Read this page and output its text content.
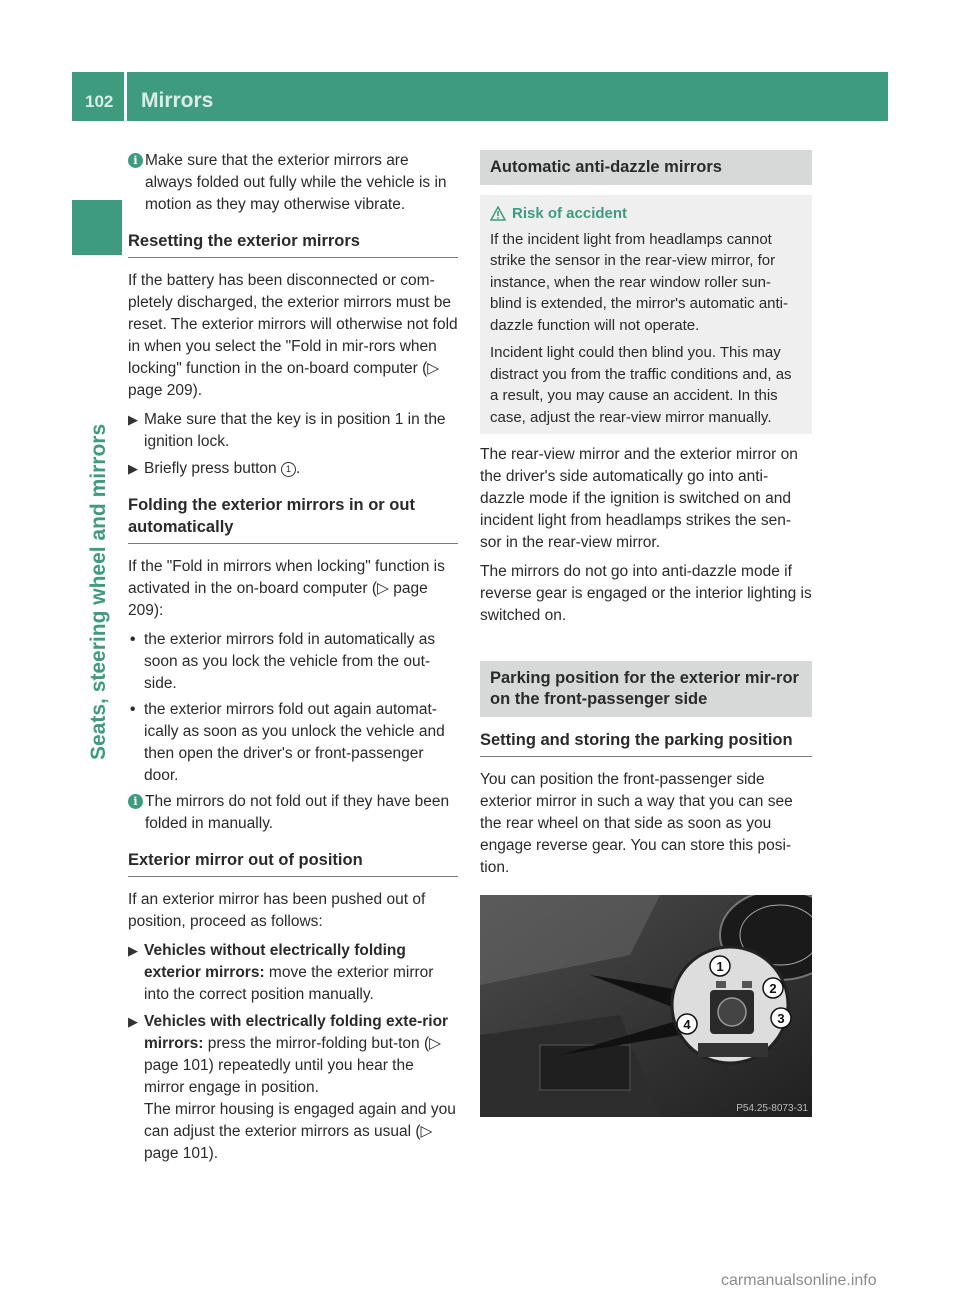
102 Mirrors
Seats, steering wheel and mirrors
i Make sure that the exterior mirrors are always folded out fully while the vehicle is in motion as they may otherwise vibrate.
Resetting the exterior mirrors

If the battery has been disconnected or com-pletely discharged, the exterior mirrors must be reset. The exterior mirrors will otherwise not fold in when you select the "Fold in mir-rors when locking" function in the on-board computer (▷ page 209).

▶ Make sure that the key is in position 1 in the ignition lock.
▶ Briefly press button 1 .
Folding the exterior mirrors in or out automatically

If the "Fold in mirrors when locking" function is activated in the on-board computer (▷ page 209):

• the exterior mirrors fold in automatically as soon as you lock the vehicle from the out-side.
• the exterior mirrors fold out again automat-ically as soon as you unlock the vehicle and then open the driver's or front-passenger door.
i The mirrors do not fold out if they have been folded in manually.
Exterior mirror out of position

If an exterior mirror has been pushed out of position, proceed as follows:

▶ Vehicles without electrically folding exterior mirrors: move the exterior mirror into the correct position manually.
▶ Vehicles with electrically folding exte-rior mirrors: press the mirror-folding but-ton (▷ page 101) repeatedly until you hear the mirror engage in position.
The mirror housing is engaged again and you can adjust the exterior mirrors as usual (▷ page 101).
Automatic anti-dazzle mirrors
Risk of accident

If the incident light from headlamps cannot strike the sensor in the rear-view mirror, for instance, when the rear window roller sun-blind is extended, the mirror's automatic anti-dazzle function will not operate.

Incident light could then blind you. This may distract you from the traffic conditions and, as a result, you may cause an accident. In this case, adjust the rear-view mirror manually.

The rear-view mirror and the exterior mirror on the driver's side automatically go into anti-dazzle mode if the ignition is switched on and incident light from headlamps strikes the sen-sor in the rear-view mirror.

The mirrors do not go into anti-dazzle mode if reverse gear is engaged or the interior lighting is switched on.

Parking position for the exterior mir-ror on the front-passenger side
Setting and storing the parking position

You can position the front-passenger side exterior mirror in such a way that you can see the rear wheel on that side as soon as you engage reverse gear. You can store this posi-tion.

1
2
3
4
P54.25-8073-31
carmanualsonline.info
